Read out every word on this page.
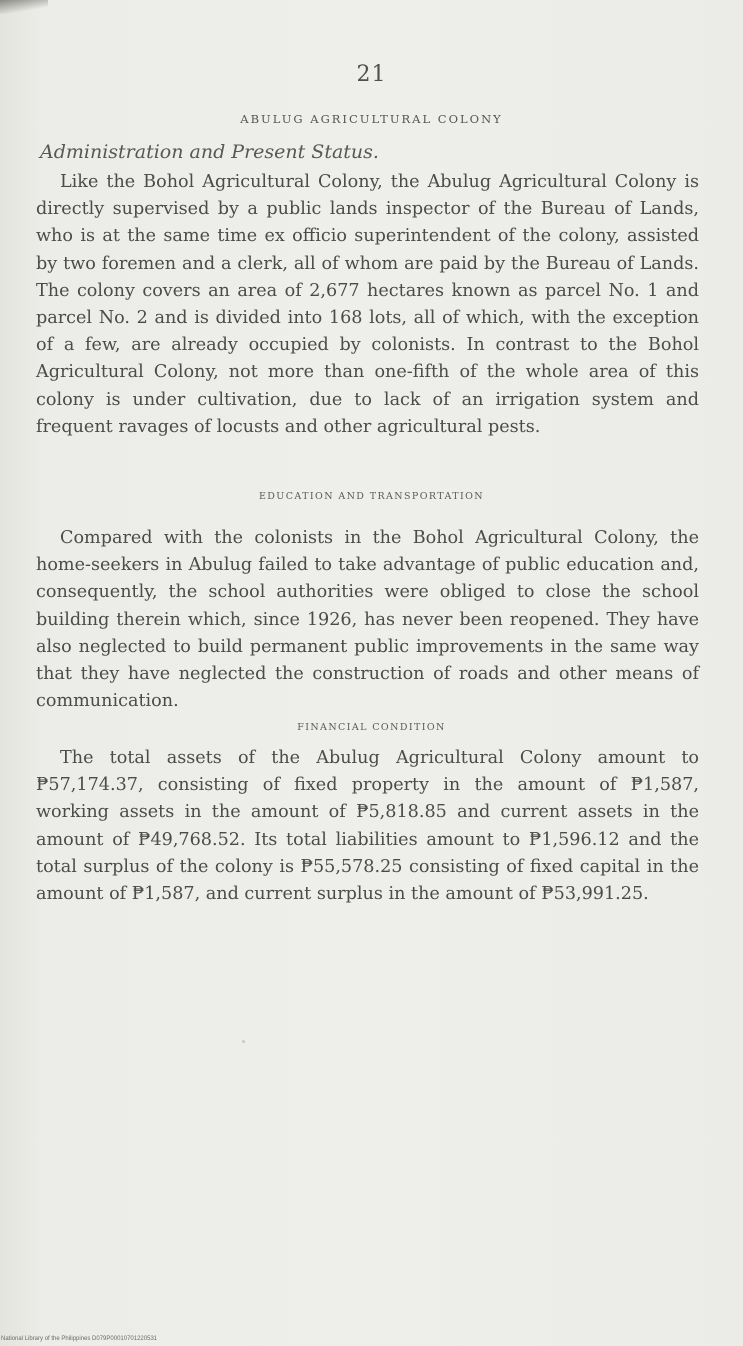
21
ABULUG AGRICULTURAL COLONY
Administration and Present Status.

Like the Bohol Agricultural Colony, the Abulug Agricultural Colony is directly supervised by a public lands inspector of the Bureau of Lands, who is at the same time ex officio superintendent of the colony, assisted by two foremen and a clerk, all of whom are paid by the Bureau of Lands. The colony covers an area of 2,677 hectares known as parcel No. 1 and parcel No. 2 and is divided into 168 lots, all of which, with the exception of a few, are already occupied by colonists. In contrast to the Bohol Agricultural Colony, not more than one-fifth of the whole area of this colony is under cultivation, due to lack of an irrigation system and frequent ravages of locusts and other agricultural pests.

EDUCATION AND TRANSPORTATION

Compared with the colonists in the Bohol Agricultural Colony, the home-seekers in Abulug failed to take advantage of public education and, consequently, the school authorities were obliged to close the school building therein which, since 1926, has never been reopened. They have also neglected to build permanent public improvements in the same way that they have neglected the construction of roads and other means of communication.

FINANCIAL CONDITION

The total assets of the Abulug Agricultural Colony amount to ₱57,174.37, consisting of fixed property in the amount of ₱1,587, working assets in the amount of ₱5,818.85 and current assets in the amount of ₱49,768.52. Its total liabilities amount to ₱1,596.12 and the total surplus of the colony is ₱55,578.25 consisting of fixed capital in the amount of ₱1,587, and current surplus in the amount of ₱53,991.25.

National Library of the Philippines D079P00010701220531
